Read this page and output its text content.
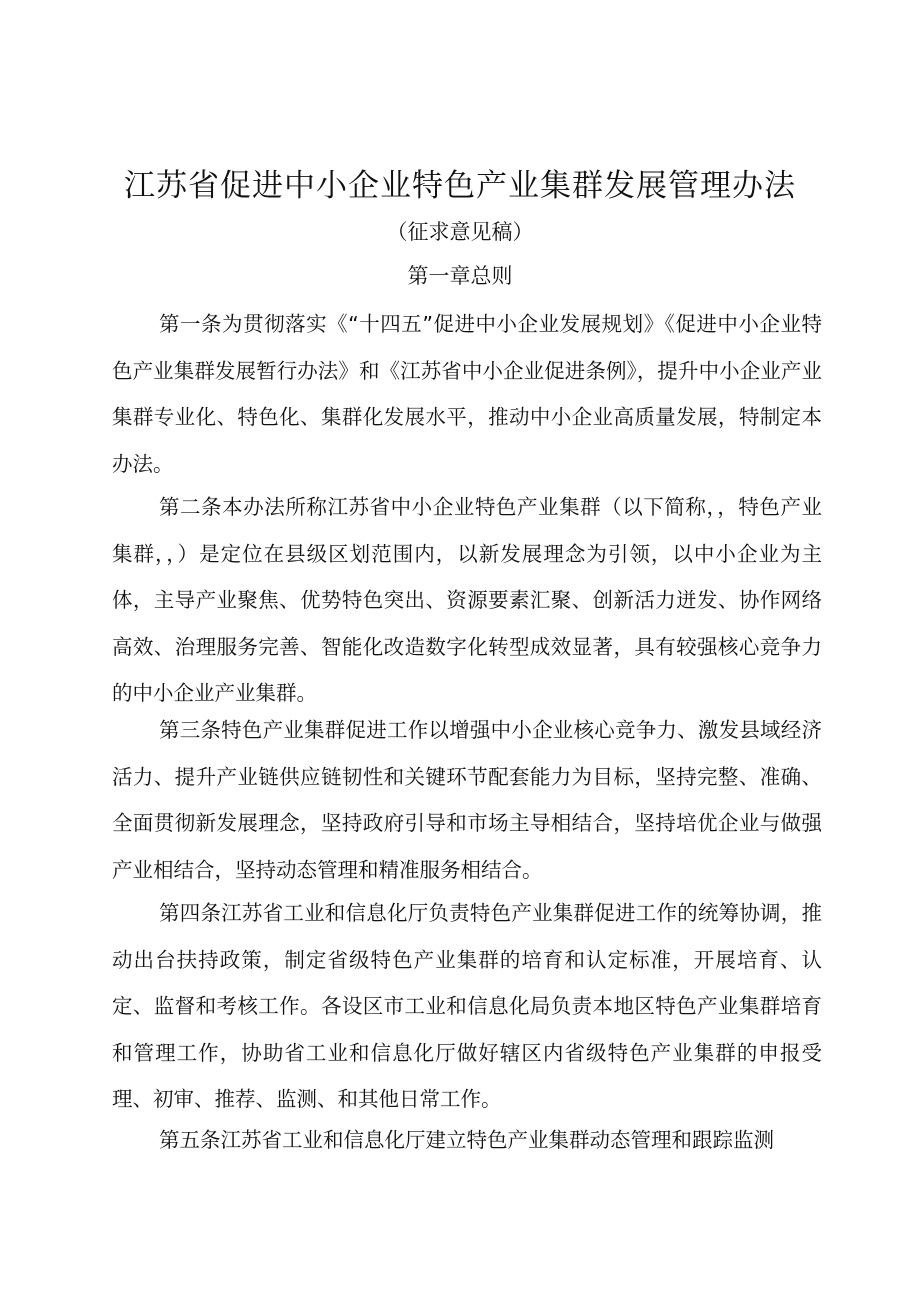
江苏省促进中小企业特色产业集群发展管理办法

（征求意见稿）

第一章总则

第一条为贯彻落实《“十四五”促进中小企业发展规划》《促进中小企业特色产业集群发展暂行办法》和《江苏省中小企业促进条例》，提升中小企业产业集群专业化、特色化、集群化发展水平，推动中小企业高质量发展，特制定本办法。

第二条本办法所称江苏省中小企业特色产业集群（以下简称，，特色产业集群，，）是定位在县级区划范围内，以新发展理念为引领，以中小企业为主体，主导产业聚焦、优势特色突出、资源要素汇聚、创新活力迸发、协作网络高效、治理服务完善、智能化改造数字化转型成效显著，具有较强核心竞争力的中小企业产业集群。

第三条特色产业集群促进工作以增强中小企业核心竞争力、激发县域经济活力、提升产业链供应链韧性和关键环节配套能力为目标，坚持完整、准确、全面贯彻新发展理念，坚持政府引导和市场主导相结合，坚持培优企业与做强产业相结合，坚持动态管理和精准服务相结合。

第四条江苏省工业和信息化厅负责特色产业集群促进工作的统筹协调，推动出台扶持政策，制定省级特色产业集群的培育和认定标准，开展培育、认定、监督和考核工作。各设区市工业和信息化局负责本地区特色产业集群培育和管理工作，协助省工业和信息化厅做好辖区内省级特色产业集群的申报受理、初审、推荐、监测、和其他日常工作。

第五条江苏省工业和信息化厅建立特色产业集群动态管理和跟踪监测
